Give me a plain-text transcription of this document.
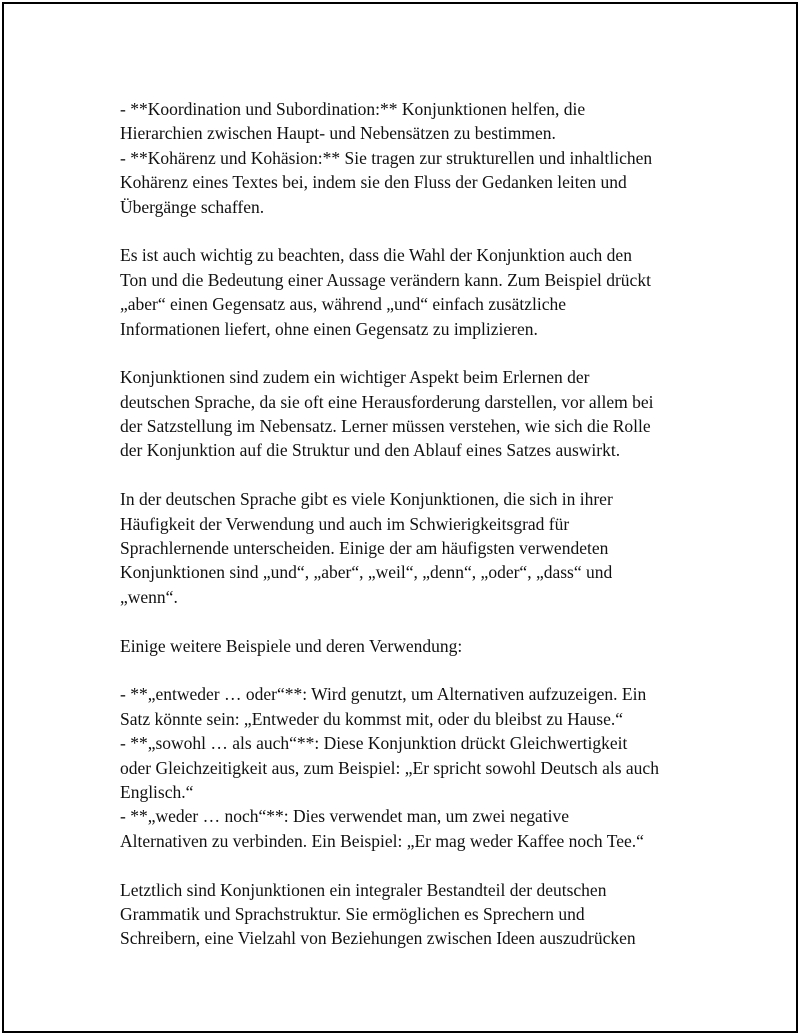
- **Koordination und Subordination:** Konjunktionen helfen, die
Hierarchien zwischen Haupt- und Nebensätzen zu bestimmen.
- **Kohärenz und Kohäsion:** Sie tragen zur strukturellen und inhaltlichen
Kohärenz eines Textes bei, indem sie den Fluss der Gedanken leiten und
Übergänge schaffen.
Es ist auch wichtig zu beachten, dass die Wahl der Konjunktion auch den
Ton und die Bedeutung einer Aussage verändern kann. Zum Beispiel drückt
„aber“ einen Gegensatz aus, während „und“ einfach zusätzliche
Informationen liefert, ohne einen Gegensatz zu implizieren.
Konjunktionen sind zudem ein wichtiger Aspekt beim Erlernen der
deutschen Sprache, da sie oft eine Herausforderung darstellen, vor allem bei
der Satzstellung im Nebensatz. Lerner müssen verstehen, wie sich die Rolle
der Konjunktion auf die Struktur und den Ablauf eines Satzes auswirkt.
In der deutschen Sprache gibt es viele Konjunktionen, die sich in ihrer
Häufigkeit der Verwendung und auch im Schwierigkeitsgrad für
Sprachlernende unterscheiden. Einige der am häufigsten verwendeten
Konjunktionen sind „und“, „aber“, „weil“, „denn“, „oder“, „dass“ und
„wenn“.
Einige weitere Beispiele und deren Verwendung:
- **„entweder … oder“**: Wird genutzt, um Alternativen aufzuzeigen. Ein
Satz könnte sein: „Entweder du kommst mit, oder du bleibst zu Hause.“
- **„sowohl … als auch“**: Diese Konjunktion drückt Gleichwertigkeit
oder Gleichzeitigkeit aus, zum Beispiel: „Er spricht sowohl Deutsch als auch
Englisch.“
- **„weder … noch“**: Dies verwendet man, um zwei negative
Alternativen zu verbinden. Ein Beispiel: „Er mag weder Kaffee noch Tee.“
Letztlich sind Konjunktionen ein integraler Bestandteil der deutschen
Grammatik und Sprachstruktur. Sie ermöglichen es Sprechern und
Schreibern, eine Vielzahl von Beziehungen zwischen Ideen auszudrücken
